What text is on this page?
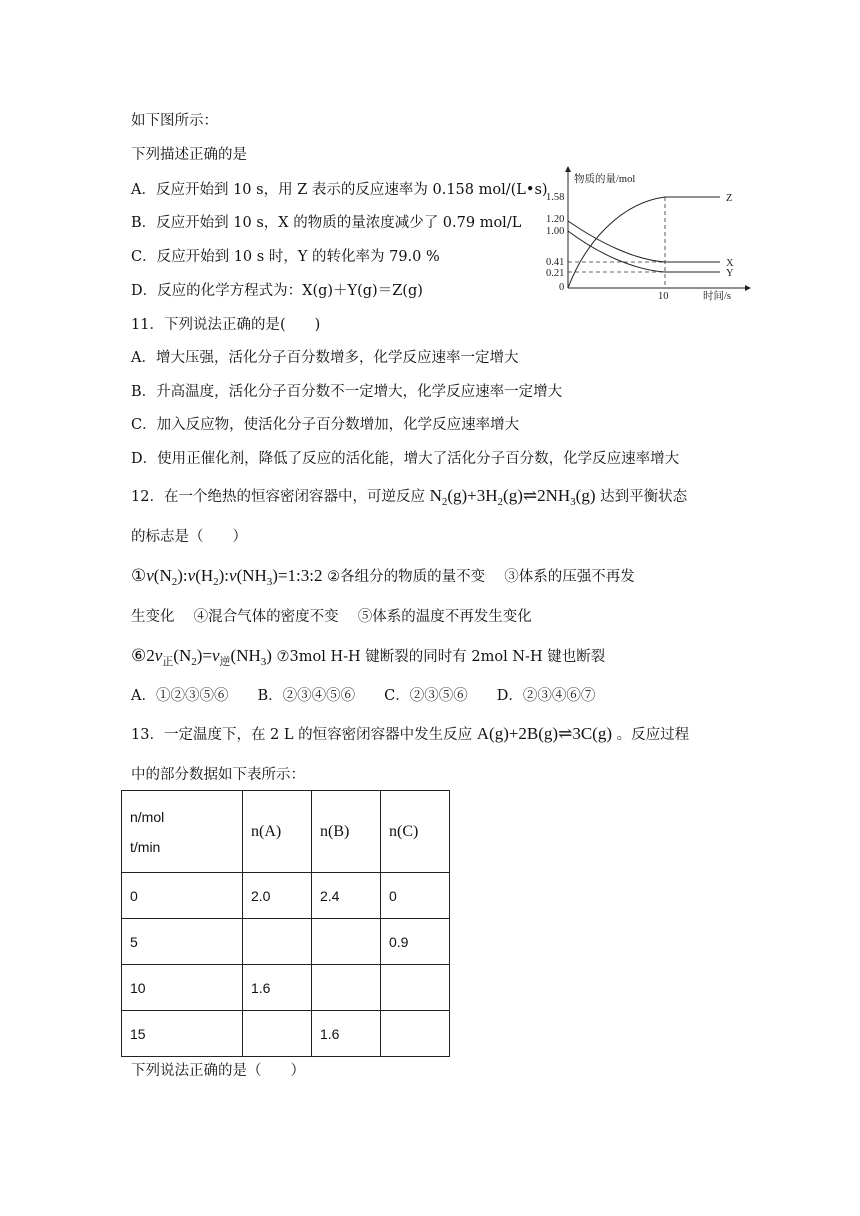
如下图所示：
下列描述正确的是
A．反应开始到 10 s，用 Z 表示的反应速率为 0.158 mol/(L•s)
B．反应开始到 10 s，X 的物质的量浓度减少了 0.79 mol/L
C．反应开始到 10 s 时，Y 的转化率为 79.0 %
D．反应的化学方程式为：X(g)＋Y(g)＝Z(g)
物质的量/mol
时间/s
0
10
1.58
1.20
1.00
0.41
0.21
Z
X
Y
11．下列说法正确的是(　　)
A．增大压强，活化分子百分数增多，化学反应速率一定增大
B．升高温度，活化分子百分数不一定增大，化学反应速率一定增大
C．加入反应物，使活化分子百分数增加，化学反应速率增大
D．使用正催化剂，降低了反应的活化能，增大了活化分子百分数，化学反应速率增大
12．在一个绝热的恒容密闭容器中，可逆反应 $N_2(g)+3H_2(g)\rightleftharpoons 2NH_3(g)$ 达到平衡状态
的标志是（　　）
$①v(N_2):v(H_2):v(NH_3)=1:3:2$ ②各组分的物质的量不变　 ③体系的压强不再发
生变化　 ④混合气体的密度不变　 ⑤体系的温度不再发生变化
$⑥2v_正(N_2)=v_逆(NH_3)$ ⑦3mol H-H 键断裂的同时有 2mol N-H 键也断裂
A．①②③⑤⑥　　B．②③④⑤⑥　　C．②③⑤⑥　　D．②③④⑥⑦
13．一定温度下，在 2 L 的恒容密闭容器中发生反应 A(g)+2B(g)⇌3C(g) 。反应过程
中的部分数据如下表所示：
n/mol
t/min	n(A)	n(B)	n(C)
0	2.0	2.4	0
5			0.9
10	1.6		
15		1.6	
下列说法正确的是（　　）
